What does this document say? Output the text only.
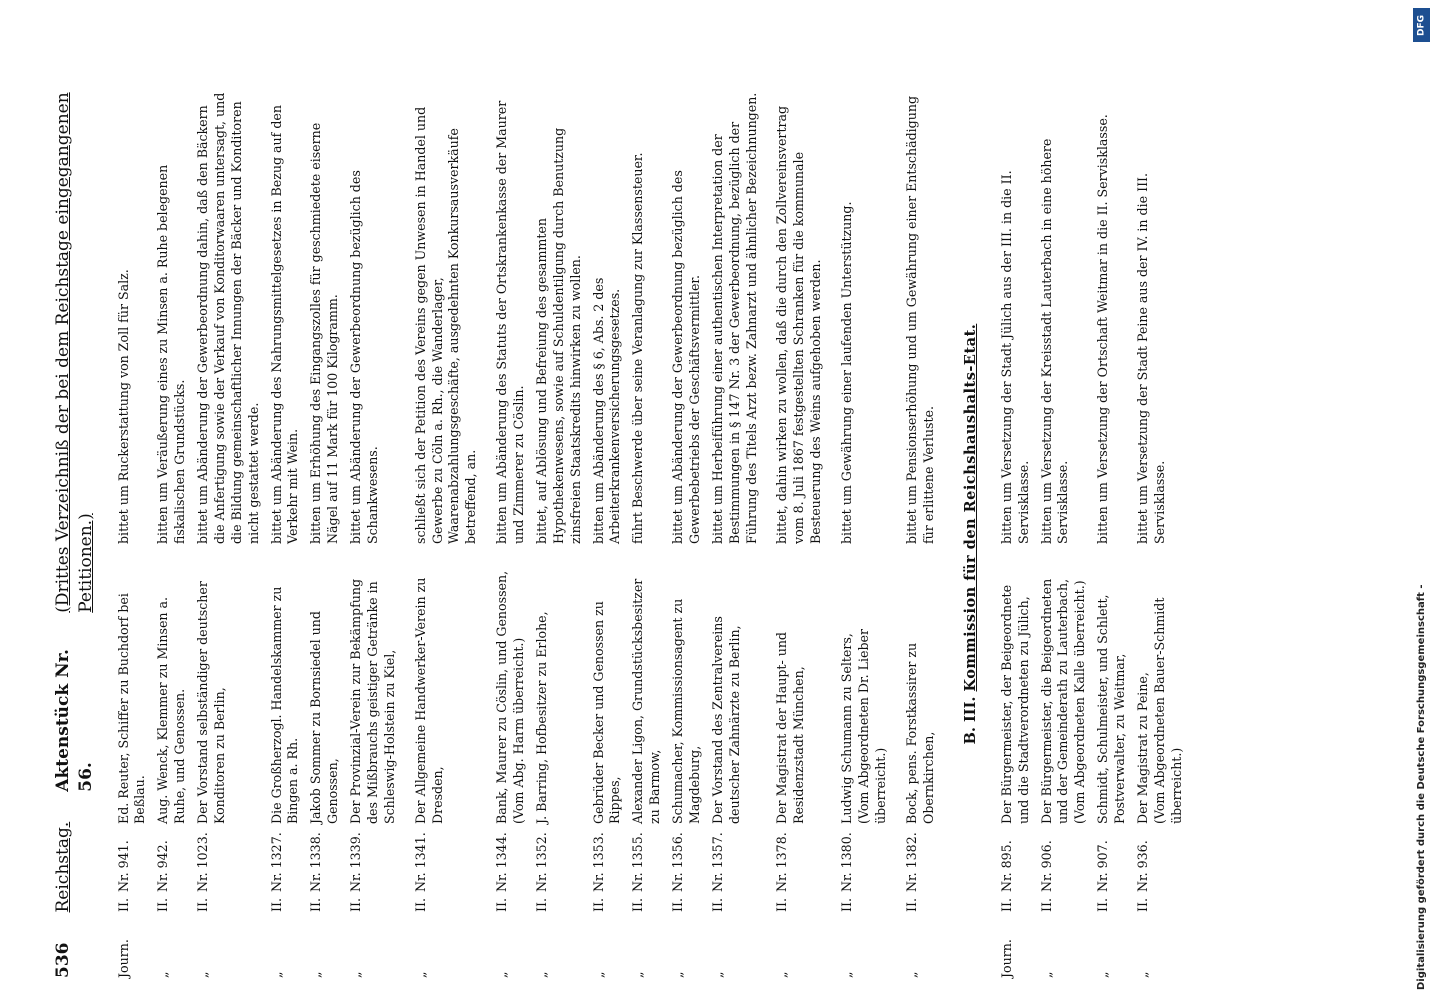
536
Reichstag.
Aktenstück Nr. 56.
(Drittes Verzeichniß der bei dem Reichstage eingegangenen Petitionen.)
Journ.
II.
Nr. 941.
Ed. Reuter, Schiffer zu Buchdorf bei Beßlau.
bittet um Ruckerstattung von Zoll für Salz.
„
II.
Nr. 942.
Aug. Wenck, Klemmer zu Minsen a. Ruhe, und Genossen.
bitten um Veräußerung eines zu Minsen a. Ruhe belegenen fiskalischen Grundstücks.
„
II.
Nr. 1023.
Der Vorstand selbständiger deutscher Konditoren zu Berlin,
bittet um Abänderung der Gewerbeordnung dahin, daß den Bäckern die Anfertigung sowie der Verkauf von Konditorwaaren untersagt, und die Bildung gemeinschaftlicher Innungen der Bäcker und Konditoren nicht gestattet werde.
„
II.
Nr. 1327.
Die Großherzogl. Handelskammer zu Bingen a. Rh.
bittet um Abänderung des Nahrungsmittelgesetzes in Bezug auf den Verkehr mit Wein.
„
II.
Nr. 1338.
Jakob Sommer zu Bornsiedel und Genossen,
bitten um Erhöhung des Eingangszolles für geschmiedete eiserne Nägel auf 11 Mark für 100 Kilogramm.
„
II.
Nr. 1339.
Der Provinzial-Verein zur Bekämpfung des Mißbrauchs geistiger Getränke in Schleswig-Holstein zu Kiel,
bittet um Abänderung der Gewerbeordnung bezüglich des Schankwesens.
„
II.
Nr. 1341.
Der Allgemeine Handwerker-Verein zu Dresden,
schließt sich der Petition des Vereins gegen Unwesen in Handel und Gewerbe zu Cöln a. Rh., die Wanderlager, Waarenabzahlungsgeschäfte, ausgedehnten Konkursausverkäufe betreffend, an.
„
II.
Nr. 1344.
Bank, Maurer zu Cöslin, und Genossen,
(Vom Abg. Harm überreicht.)
bitten um Abänderung des Statuts der Ortskrankenkasse der Maurer und Zimmerer zu Cöslin.
„
II.
Nr. 1352.
J. Barring, Hofbesitzer zu Erlohe,
bittet, auf Ablösung und Befreiung des gesammten Hypothekenwesens, sowie auf Schuldentilgung durch Benutzung zinsfreien Staatskredits hinwirken zu wollen.
„
II.
Nr. 1353.
Gebrüder Becker und Genossen zu Rippes,
bitten um Abänderung des § 6, Abs. 2 des Arbeiterkrankenversicherungsgesetzes.
„
II.
Nr. 1355.
Alexander Ligon, Grundstücksbesitzer zu Barmow,
führt Beschwerde über seine Veranlagung zur Klassensteuer.
„
II.
Nr. 1356.
Schumacher, Kommissionsagent zu Magdeburg,
bittet um Abänderung der Gewerbeordnung bezüglich des Gewerbebetriebs der Geschäftsvermittler.
„
II.
Nr. 1357.
Der Vorstand des Zentralvereins deutscher Zahnärzte zu Berlin,
bittet um Herbeiführung einer authentischen Interpretation der Bestimmungen in § 147 Nr. 3 der Gewerbeordnung, bezüglich der Führung des Titels Arzt bezw. Zahnarzt und ähnlicher Bezeichnungen.
„
II.
Nr. 1378.
Der Magistrat der Haupt- und Residenzstadt München,
bittet, dahin wirken zu wollen, daß die durch den Zollvereinsvertrag vom 8. Juli 1867 festgestellten Schranken für die kommunale Besteuerung des Weins aufgehoben werden.
„
II.
Nr. 1380.
Ludwig Schumann zu Selters,
(Vom Abgeordneten Dr. Lieber überreicht.)
bittet um Gewährung einer laufenden Unterstützung.
„
II.
Nr. 1382.
Bock, pens. Forstkassirer zu Obernkirchen,
bittet um Pensionserhöhung und um Gewährung einer Entschädigung für erlittene Verluste.
B. III. Kommission für den Reichshaushalts-Etat.
Journ.
II.
Nr. 895.
Der Bürgermeister, der Beigeordnete und die Stadtverordneten zu Jülich,
bitten um Versetzung der Stadt Jülich aus der III. in die II. Servisklasse.
„
II.
Nr. 906.
Der Bürgermeister, die Beigeordneten und der Gemeinderath zu Lauterbach,
(Vom Abgeordneten Kalle überreicht.)
bitten um Versetzung der Kreisstadt Lauterbach in eine höhere Servisklasse.
„
II.
Nr. 907.
Schmidt, Schulmeister, und Schlett, Postverwalter, zu Weitmar,
bitten um Versetzung der Ortschaft Weitmar in die II. Servisklasse.
„
II.
Nr. 936.
Der Magistrat zu Peine,
(Vom Abgeordneten Bauer-Schmidt überreicht.)
bittet um Versetzung der Stadt Peine aus der IV. in die III. Servisklasse.
DFG
Digitalisierung gefördert durch die Deutsche Forschungsgemeinschaft -
